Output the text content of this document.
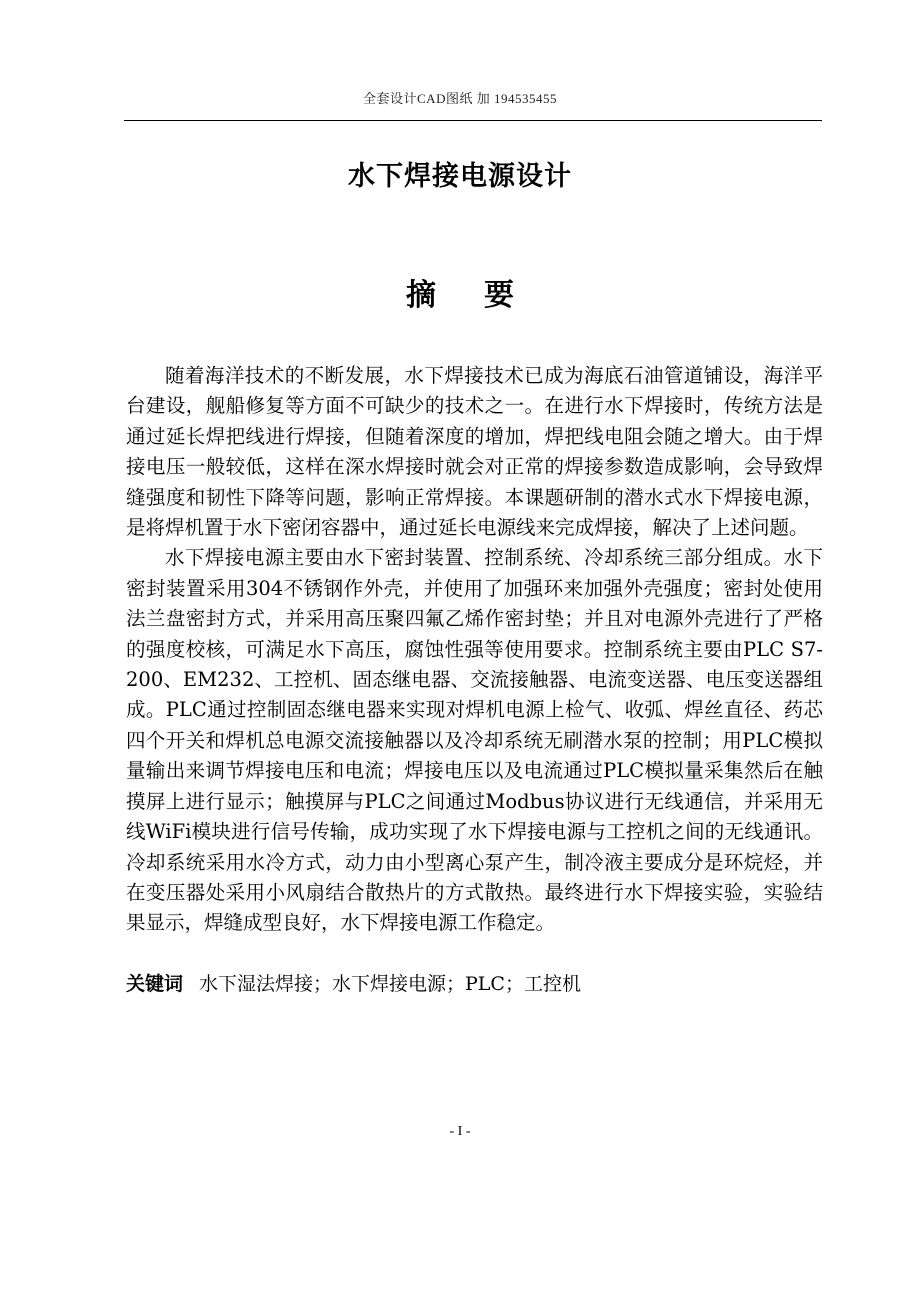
全套设计CAD图纸 加 194535455
水下焊接电源设计
摘要

随着海洋技术的不断发展，水下焊接技术已成为海底石油管道铺设，海洋平台建设，舰船修复等方面不可缺少的技术之一。在进行水下焊接时，传统方法是通过延长焊把线进行焊接，但随着深度的增加，焊把线电阻会随之增大。由于焊接电压一般较低，这样在深水焊接时就会对正常的焊接参数造成影响，会导致焊缝强度和韧性下降等问题，影响正常焊接。本课题研制的潜水式水下焊接电源，是将焊机置于水下密闭容器中，通过延长电源线来完成焊接，解决了上述问题。

水下焊接电源主要由水下密封装置、控制系统、冷却系统三部分组成。水下密封装置采用304不锈钢作外壳，并使用了加强环来加强外壳强度；密封处使用法兰盘密封方式，并采用高压聚四氟乙烯作密封垫；并且对电源外壳进行了严格的强度校核，可满足水下高压，腐蚀性强等使用要求。控制系统主要由PLC S7-200、EM232、工控机、固态继电器、交流接触器、电流变送器、电压变送器组成。PLC通过控制固态继电器来实现对焊机电源上检气、收弧、焊丝直径、药芯四个开关和焊机总电源交流接触器以及冷却系统无刷潜水泵的控制；用PLC模拟量输出来调节焊接电压和电流；焊接电压以及电流通过PLC模拟量采集然后在触摸屏上进行显示；触摸屏与PLC之间通过Modbus协议进行无线通信，并采用无线WiFi模块进行信号传输，成功实现了水下焊接电源与工控机之间的无线通讯。冷却系统采用水冷方式，动力由小型离心泵产生，制冷液主要成分是环烷烃，并在变压器处采用小风扇结合散热片的方式散热。最终进行水下焊接实验，实验结果显示，焊缝成型良好，水下焊接电源工作稳定。

关键词 水下湿法焊接；水下焊接电源；PLC；工控机
- I -
